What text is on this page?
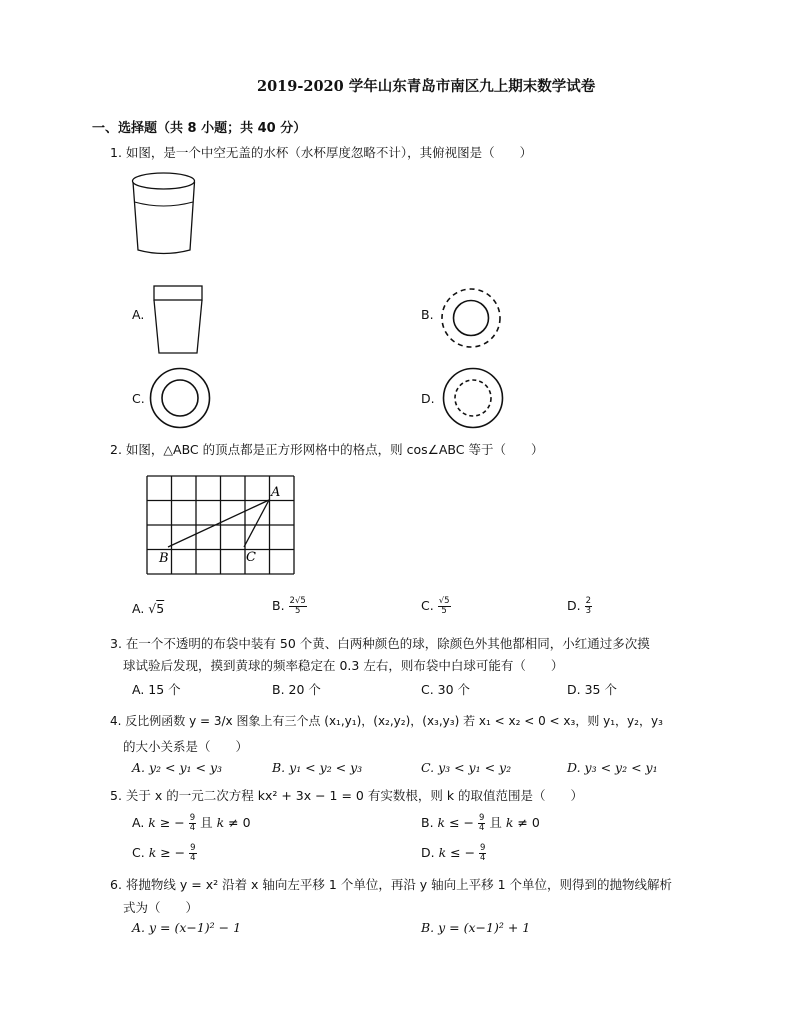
2019-2020 学年山东青岛市南区九上期末数学试卷
一、选择题（共 8 小题；共 40 分）
1. 如图，是一个中空无盖的水杯（水杯厚度忽略不计），其俯视图是（　　）
A.	B.
C.	D.
2. 如图，△ABC 的顶点都是正方形网格中的格点，则 cos∠ABC 等于（　　）
A
B	C
A. √5	B. $\frac{2√5}{5}$	C. $\frac{√5}{5}$	D. $\frac{2}{3}$
3. 在一个不透明的布袋中装有 50 个黄、白两种颜色的球，除颜色外其他都相同，小红通过多次摸
球试验后发现，摸到黄球的频率稳定在 0.3 左右，则布袋中白球可能有（　　）
A. 15 个	B. 20 个	C. 30 个	D. 35 个
4. 反比例函数 y = 3/x 图象上有三个点 (x₁,y₁)，(x₂,y₂)，(x₃,y₃) 若 x₁ < x₂ < 0 < x₃，则 y₁，y₂，y₃
的大小关系是（　　）
A. y₂ < y₁ < y₃	B. y₁ < y₂ < y₃	C. y₃ < y₁ < y₂	D. y₃ < y₂ < y₁
5. 关于 x 的一元二次方程 kx² + 3x − 1 = 0 有实数根，则 k 的取值范围是（　　）
A. k ≥ − $\frac{9}{4}$ 且 k ≠ 0	B. k ≤ − $\frac{9}{4}$ 且 k ≠ 0
C. k ≥ − $\frac{9}{4}$	D. k ≤ − $\frac{9}{4}$
6. 将抛物线 y = x² 沿着 x 轴向左平移 1 个单位，再沿 y 轴向上平移 1 个单位，则得到的抛物线解析
式为（　　）
A. y = (x−1)² − 1	B. y = (x−1)² + 1
